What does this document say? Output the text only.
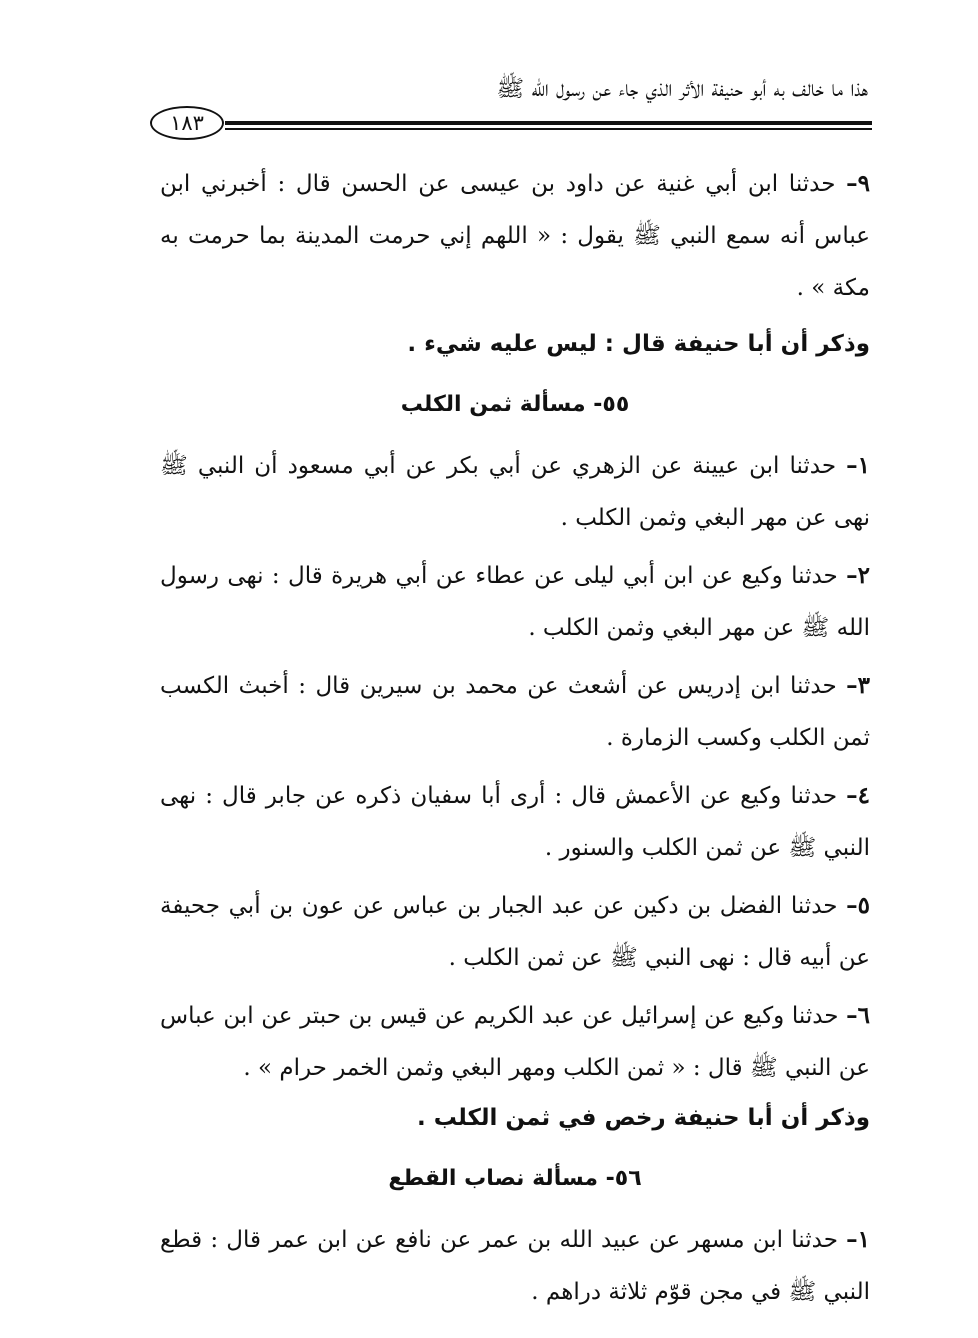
هذا ما خالف به أبو حنيفة الأثر الذي جاء عن رسول الله ﷺ
١٨٣

٩– حدثنا ابن أبي غنية عن داود بن عيسى عن الحسن قال : أخبرني ابن عباس أنه سمع النبي ﷺ يقول : « اللهم إني حرمت المدينة بما حرمت به مكة » .

وذكر أن أبا حنيفة قال : ليس عليه شيء .
٥٥- مسألة ثمن الكلب

١– حدثنا ابن عيينة عن الزهري عن أبي بكر عن أبي مسعود أن النبي ﷺ نهى عن مهر البغي وثمن الكلب .

٢– حدثنا وكيع عن ابن أبي ليلى عن عطاء عن أبي هريرة قال : نهى رسول الله ﷺ عن مهر البغي وثمن الكلب .

٣– حدثنا ابن إدريس عن أشعث عن محمد بن سيرين قال : أخبث الكسب ثمن الكلب وكسب الزمارة .

٤– حدثنا وكيع عن الأعمش قال : أرى أبا سفيان ذكره عن جابر قال : نهى النبي ﷺ عن ثمن الكلب والسنور .

٥– حدثنا الفضل بن دكين عن عبد الجبار بن عباس عن عون بن أبي جحيفة عن أبيه قال : نهى النبي ﷺ عن ثمن الكلب .

٦– حدثنا وكيع عن إسرائيل عن عبد الكريم عن قيس بن حبتر عن ابن عباس عن النبي ﷺ قال : « ثمن الكلب ومهر البغي وثمن الخمر حرام » .

وذكر أن أبا حنيفة رخص في ثمن الكلب .
٥٦- مسألة نصاب القطع

١– حدثنا ابن مسهر عن عبيد الله بن عمر عن نافع عن ابن عمر قال : قطع النبي ﷺ في مجن قوّم ثلاثة دراهم .
